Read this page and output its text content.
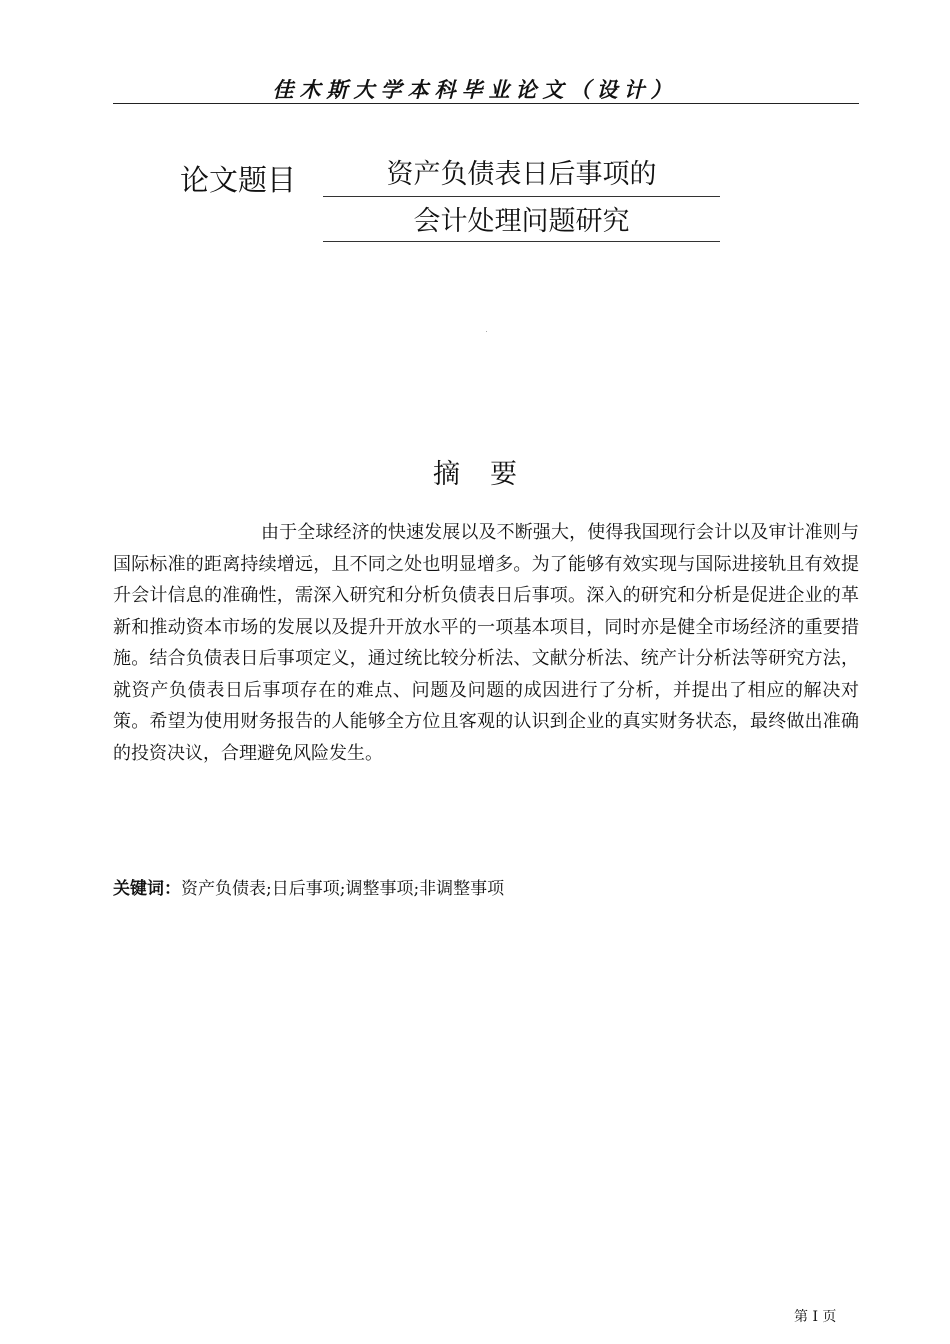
佳木斯大学本科毕业论文（设计）
论文题目	资产负债表日后事项的
会计处理问题研究
摘要

由于全球经济的快速发展以及不断强大，使得我国现行会计以及审计准则与国际标准的距离持续增远，且不同之处也明显增多。为了能够有效实现与国际进接轨且有效提升会计信息的准确性，需深入研究和分析负债表日后事项。深入的研究和分析是促进企业的革新和推动资本市场的发展以及提升开放水平的一项基本项目，同时亦是健全市场经济的重要措施。结合负债表日后事项定义，通过统比较分析法、文献分析法、统产计分析法等研究方法，就资产负债表日后事项存在的难点、问题及问题的成因进行了分析，并提出了相应的解决对策。希望为使用财务报告的人能够全方位且客观的认识到企业的真实财务状态，最终做出准确的投资决议，合理避免风险发生。

关键词：资产负债表;日后事项;调整事项;非调整事项
第 I 页
